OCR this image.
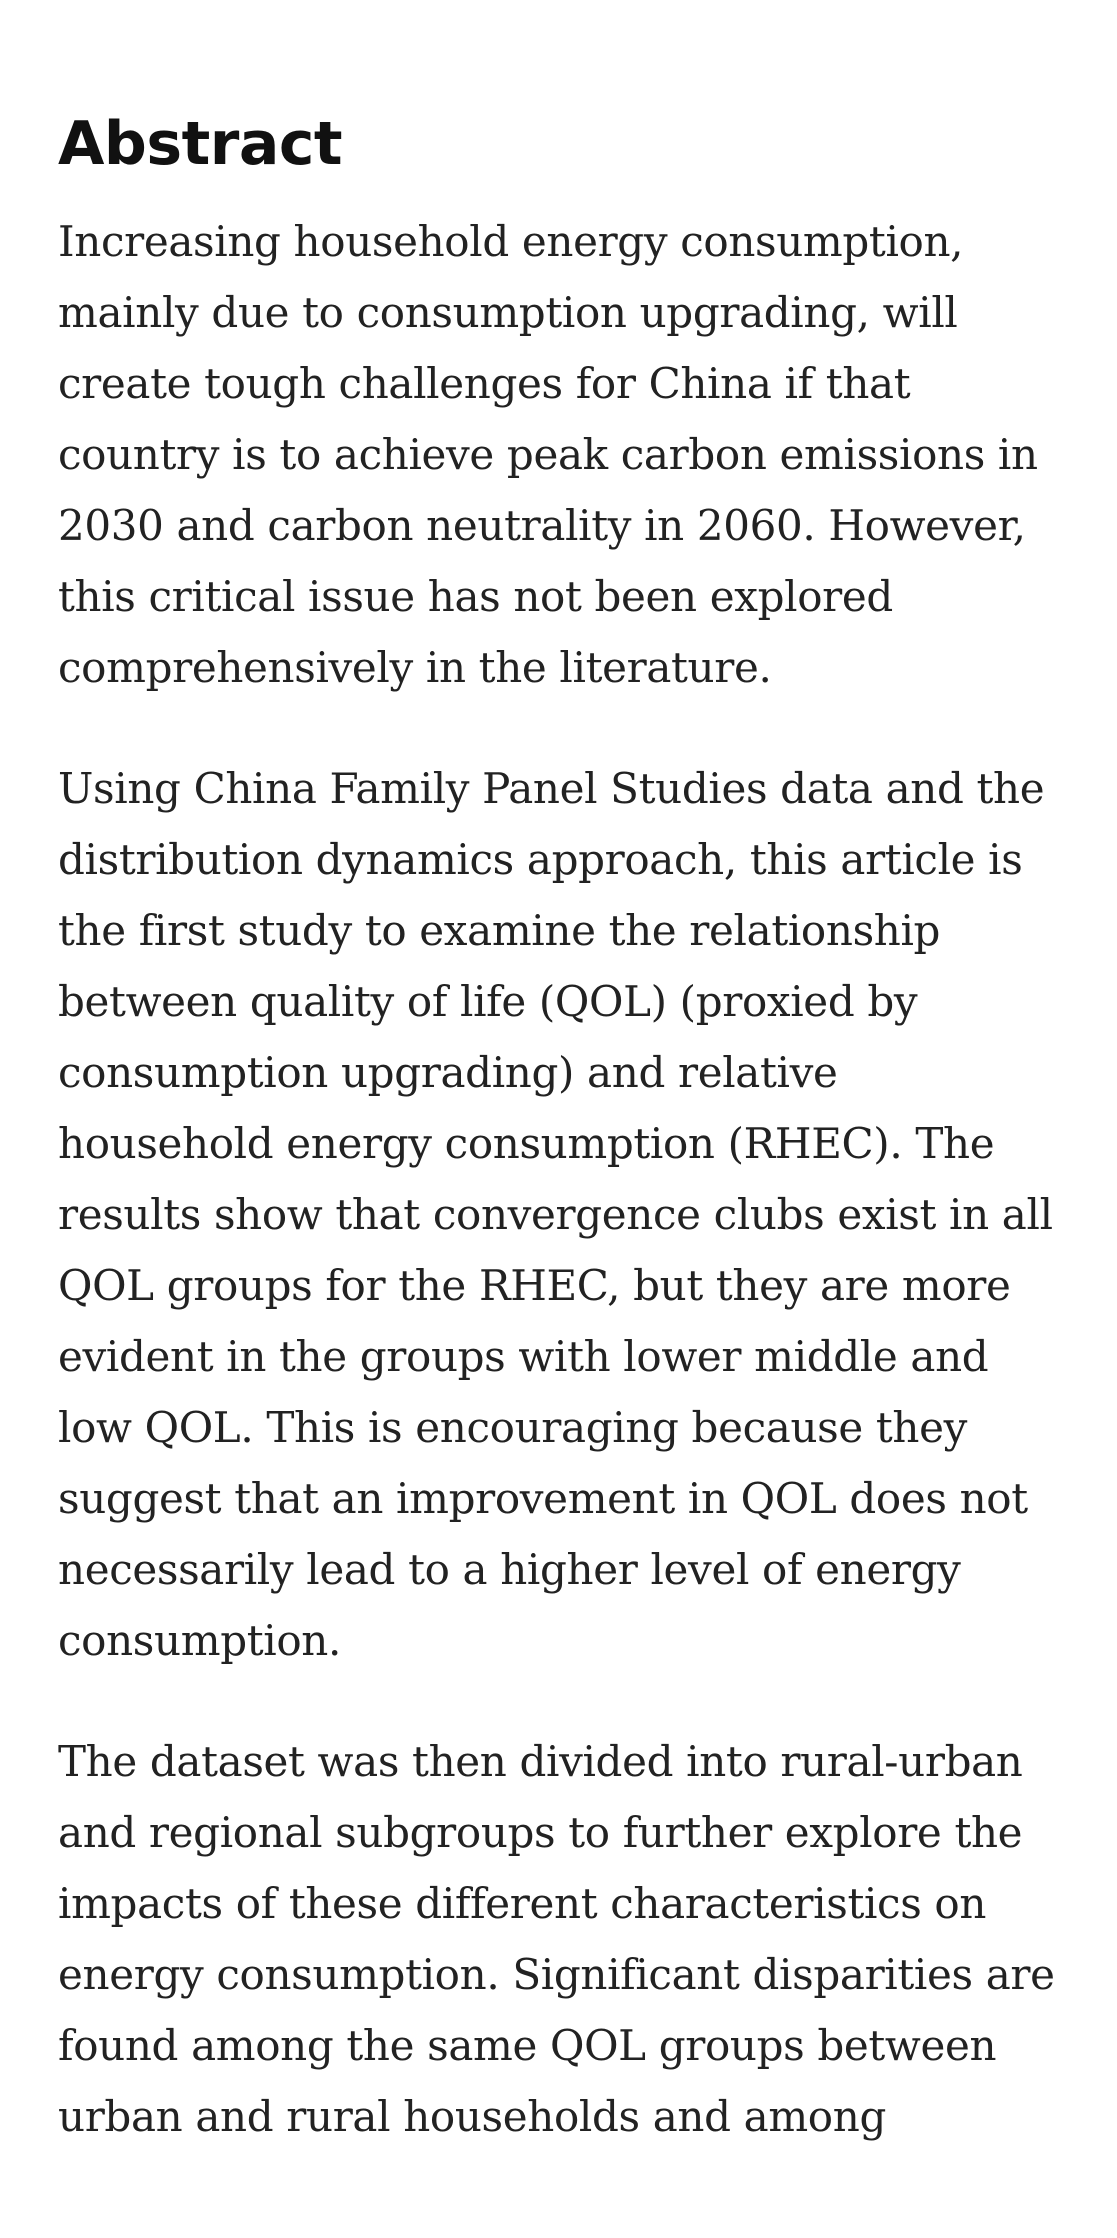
Abstract

Increasing household energy consumption, mainly due to consumption upgrading, will create tough challenges for China if that country is to achieve peak carbon emissions in 2030 and carbon neutrality in 2060. However, this critical issue has not been explored comprehensively in the literature.

Using China Family Panel Studies data and the distribution dynamics approach, this article is the first study to examine the relationship between quality of life (QOL) (proxied by consumption upgrading) and relative household energy consumption (RHEC). The results show that convergence clubs exist in all QOL groups for the RHEC, but they are more evident in the groups with lower middle and low QOL. This is encouraging because they suggest that an improvement in QOL does not necessarily lead to a higher level of energy consumption.

The dataset was then divided into rural-urban and regional subgroups to further explore the impacts of these different characteristics on energy consumption. Significant disparities are found among the same QOL groups between urban and rural households and among
